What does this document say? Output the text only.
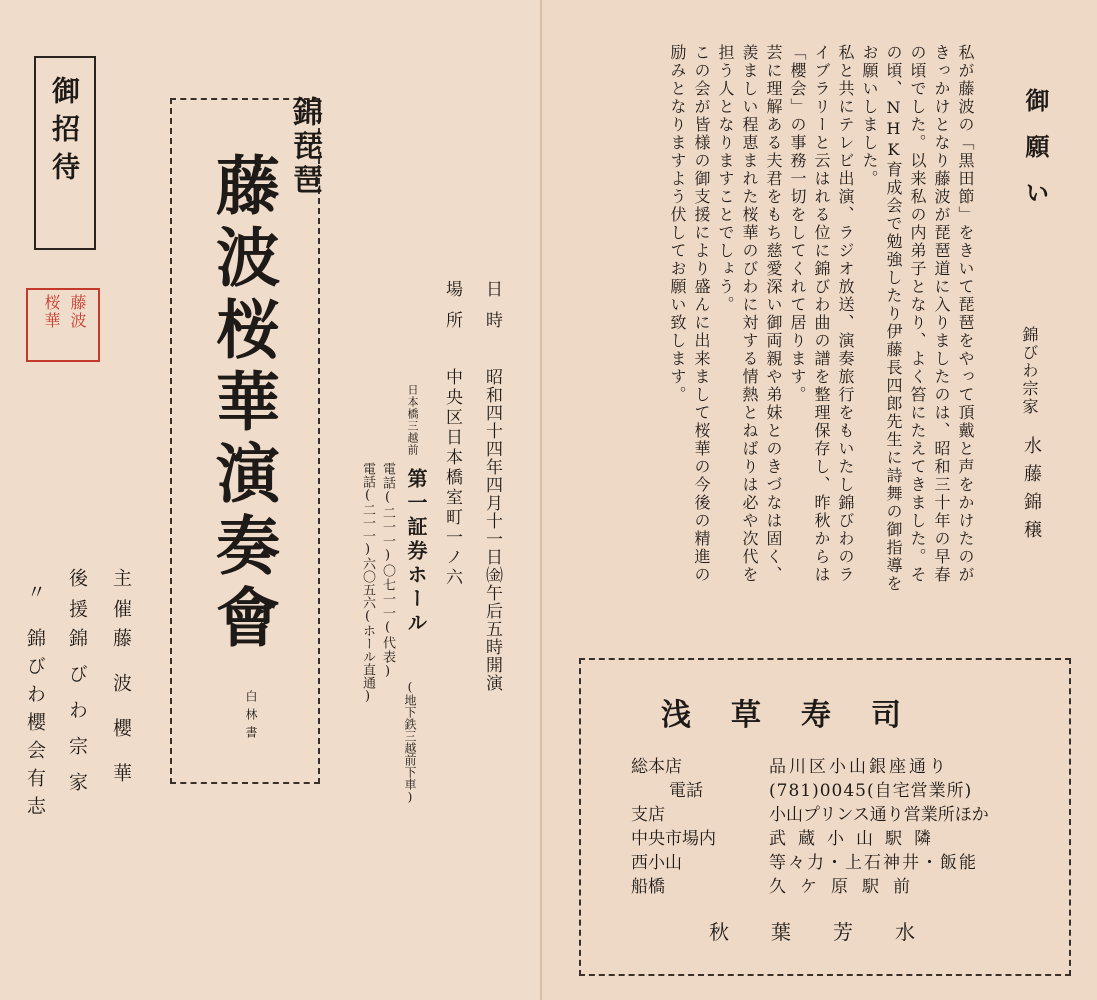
御招待
藤波
桜華
錦琵琶
藤波桜華演奏會
白林書
日時
昭和四十四年四月十一日㈮午后五時開演
場所
中央区日本橋室町一ノ六
日本橋三越前
第一証券ホール
(地下鉄三越前下車)
電話(二一一)〇七一一(代表)
電話(二一一)六〇五六(ホール直通)
主催
藤波櫻華
後援
錦びわ宗家
〃
錦びわ櫻会有志
御願い
錦びわ宗家
水藤錦穣
私が藤波の「黒田節」をきいて琵琶をやって頂戴と声をかけたのが
きっかけとなり藤波が琵琶道に入りましたのは、昭和三十年の早春
の頃でした。以来私の内弟子となり、よく笞にたえてきました。そ
の頃、NHK育成会で勉強したり伊藤長四郎先生に詩舞の御指導を
お願いしました。
私と共にテレビ出演、ラジオ放送、演奏旅行をもいたし錦びわのラ
イブラリーと云はれる位に錦びわ曲の譜を整理保存し、昨秋からは
「櫻会」の事務一切をしてくれて居ります。
芸に理解ある夫君をもち慈愛深い御両親や弟妹とのきづなは固く、
羨ましい程恵まれた桜華のびわに対する情熱とねばりは必や次代を
担う人となりますことでしょう。
この会が皆様の御支援により盛んに出来まして桜華の今後の精進の
励みとなりますよう伏してお願い致します。
浅草寿司
総本店	品川区小山銀座通り
電話	(781)0045(自宅営業所)
支店	小山プリンス通り営業所ほか
中央市場内	武蔵小山駅隣
西小山	等々力・上石神井・飯能
船橋	久ケ原駅前
秋葉芳水
